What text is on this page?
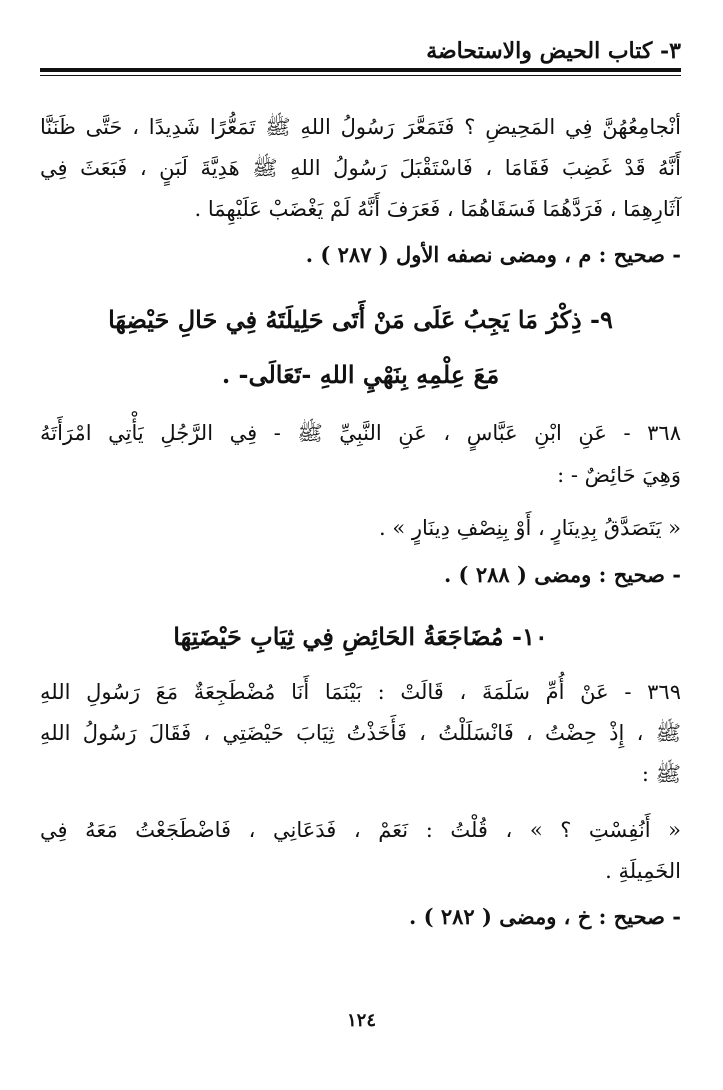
٣- كتاب الحيض والاستحاضة
أنْجامِعُهُنَّ فِي المَحِيضِ ؟ فَتَمَعَّرَ رَسُولُ اللهِ ﷺ تَمَعُّرًا شَدِيدًا ، حَتَّى ظَنَنَّا
أَنَّهُ قَدْ غَضِبَ فَقَامَا ، فَاسْتَقْبَلَ رَسُولُ اللهِ ﷺ هَدِيَّةَ لَبَنٍ ، فَبَعَثَ فِي
آثَارِهِمَا ، فَرَدَّهُمَا فَسَقَاهُمَا ، فَعَرَفَ أَنَّهُ لَمْ يَغْضَبْ عَلَيْهِمَا .
- صحيح : م ، ومضى نصفه الأول ( ٢٨٧ ) .
٩- ذِكْرُ مَا يَجِبُ عَلَى مَنْ أَتَى حَلِيلَتَهُ فِي حَالِ حَيْضِهَا
مَعَ عِلْمِهِ بِنَهْيِ اللهِ -تَعَالَى- .
٣٦٨ - عَنِ ابْنِ عَبَّاسٍ ، عَنِ النَّبِيِّ ﷺ - فِي الرَّجُلِ يَأْتِي امْرَأَتَهُ
وَهِيَ حَائِضٌ - :
« يَتَصَدَّقُ بِدِينَارٍ ، أَوْ بِنِصْفِ دِينَارٍ » .
- صحيح : ومضى ( ٢٨٨ ) .
١٠- مُضَاجَعَةُ الحَائِضِ فِي ثِيَابِ حَيْضَتِهَا
٣٦٩ - عَنْ أُمِّ سَلَمَةَ ، قَالَتْ : بَيْنَمَا أَنَا مُضْطَجِعَةٌ مَعَ رَسُولِ اللهِ
ﷺ ، إِذْ حِضْتُ ، فَانْسَلَلْتُ ، فَأَخَذْتُ ثِيَابَ حَيْضَتِي ، فَقَالَ رَسُولُ اللهِ
ﷺ :
« أَنُفِسْتِ ؟ » ، قُلْتُ : نَعَمْ ، فَدَعَانِي ، فَاضْطَجَعْتُ مَعَهُ فِي
الخَمِيلَةِ .
- صحيح : خ ، ومضى ( ٢٨٢ ) .
١٢٤
